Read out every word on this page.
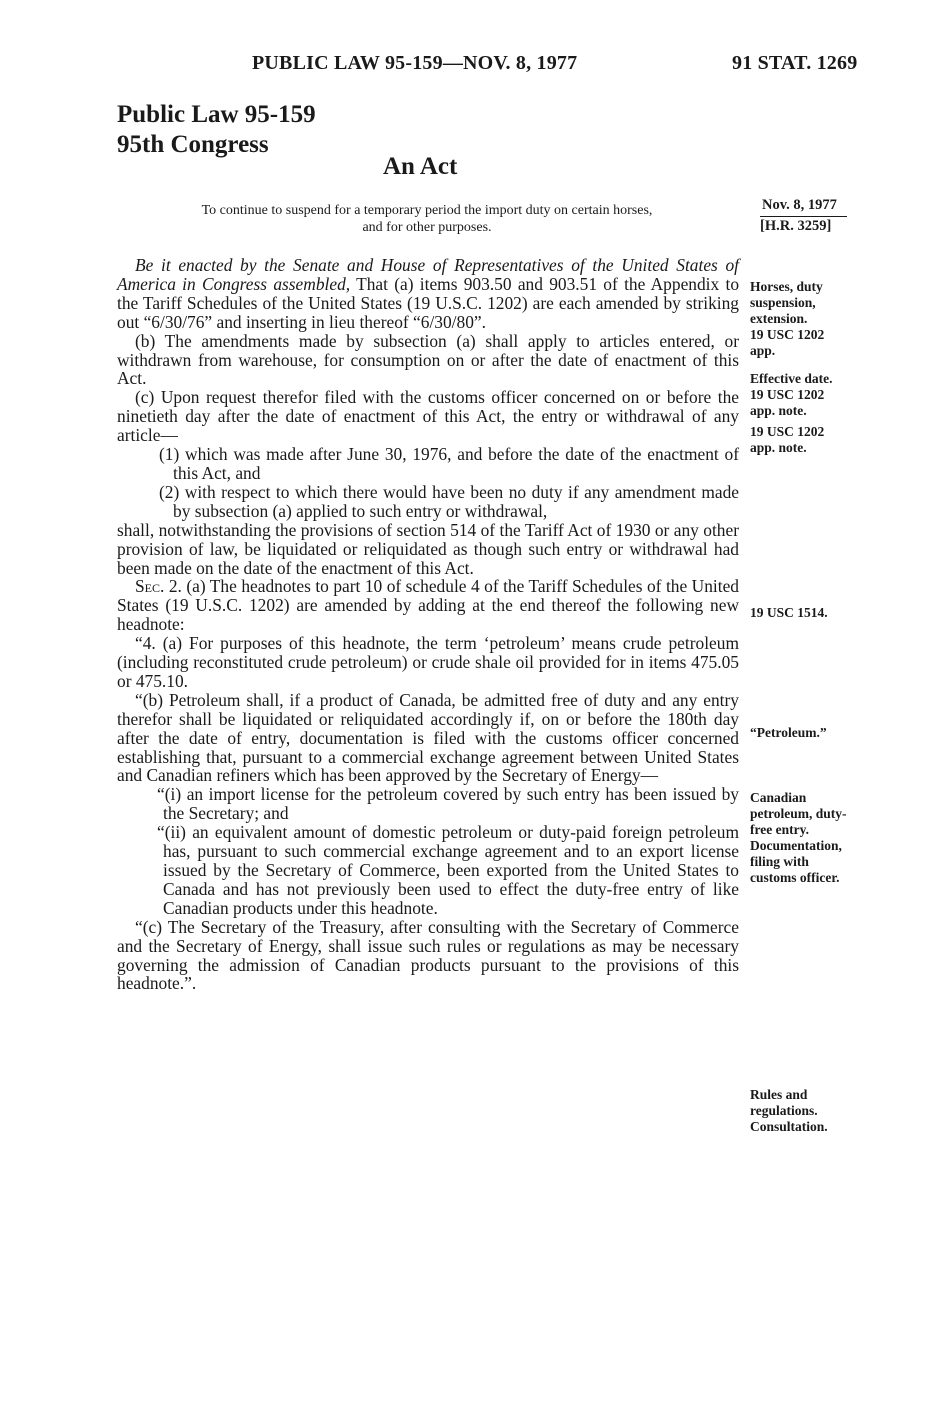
PUBLIC LAW 95-159—NOV. 8, 1977	91 STAT. 1269
Public Law 95-159
95th Congress
An Act
To continue to suspend for a temporary period the import duty on certain horses,
and for other purposes.
Nov. 8, 1977
[H.R. 3259]

Be it enacted by the Senate and House of Representatives of the United States of America in Congress assembled, That (a) items 903.50 and 903.51 of the Appendix to the Tariff Schedules of the United States (19 U.S.C. 1202) are each amended by striking out “6/30/76” and inserting in lieu thereof “6/30/80”.

(b) The amendments made by subsection (a) shall apply to articles entered, or withdrawn from warehouse, for consumption on or after the date of enactment of this Act.

(c) Upon request therefor filed with the customs officer concerned on or before the ninetieth day after the date of enactment of this Act, the entry or withdrawal of any article—

(1) which was made after June 30, 1976, and before the date of the enactment of this Act, and

(2) with respect to which there would have been no duty if any amendment made by subsection (a) applied to such entry or withdrawal,

shall, notwithstanding the provisions of section 514 of the Tariff Act of 1930 or any other provision of law, be liquidated or reliquidated as though such entry or withdrawal had been made on the date of the enactment of this Act.

Sec. 2. (a) The headnotes to part 10 of schedule 4 of the Tariff Schedules of the United States (19 U.S.C. 1202) are amended by adding at the end thereof the following new headnote:

“4. (a) For purposes of this headnote, the term ‘petroleum’ means crude petroleum (including reconstituted crude petroleum) or crude shale oil provided for in items 475.05 or 475.10.

“(b) Petroleum shall, if a product of Canada, be admitted free of duty and any entry therefor shall be liquidated or reliquidated accordingly if, on or before the 180th day after the date of entry, documentation is filed with the customs officer concerned establishing that, pursuant to a commercial exchange agreement between United States and Canadian refiners which has been approved by the Secretary of Energy—

“(i) an import license for the petroleum covered by such entry has been issued by the Secretary; and

“(ii) an equivalent amount of domestic petroleum or duty-paid foreign petroleum has, pursuant to such commercial exchange agreement and to an export license issued by the Secretary of Commerce, been exported from the United States to Canada and has not previously been used to effect the duty-free entry of like Canadian products under this headnote.

“(c) The Secretary of the Treasury, after consulting with the Secretary of Commerce and the Secretary of Energy, shall issue such rules or regulations as may be necessary governing the admission of Canadian products pursuant to the provisions of this headnote.”.

Horses, duty
suspension,
extension.
19 USC 1202
app.
Effective date.
19 USC 1202
app. note.
19 USC 1202
app. note.
19 USC 1514.
“Petroleum.”
Canadian
petroleum, duty-
free entry.
Documentation,
filing with
customs officer.
Rules and
regulations.
Consultation.
